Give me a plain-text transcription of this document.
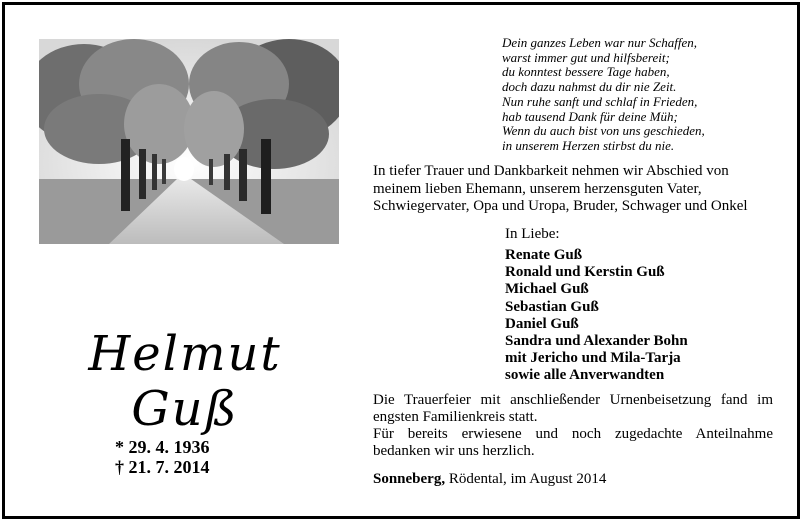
Helmut
Guß
* 29. 4. 1936
† 21. 7. 2014
Dein ganzes Leben war nur Schaffen,
warst immer gut und hilfsbereit;
du konntest bessere Tage haben,
doch dazu nahmst du dir nie Zeit.
Nun ruhe sanft und schlaf in Frieden,
hab tausend Dank für deine Müh;
Wenn du auch bist von uns geschieden,
in unserem Herzen stirbst du nie.
In tiefer Trauer und Dankbarkeit nehmen wir Abschied von meinem lieben Ehemann, unserem herzensguten Vater, Schwiegervater, Opa und Uropa, Bruder, Schwager und Onkel
In Liebe:
Renate Guß
Ronald und Kerstin Guß
Michael Guß
Sebastian Guß
Daniel Guß
Sandra und Alexander Bohn
mit Jericho und Mila-Tarja
sowie alle Anverwandten
Die Trauerfeier mit anschließender Urnenbeisetzung fand im engsten Familienkreis statt.
Für bereits erwiesene und noch zugedachte Anteilnahme bedanken wir uns herzlich.
Sonneberg, Rödental, im August 2014
